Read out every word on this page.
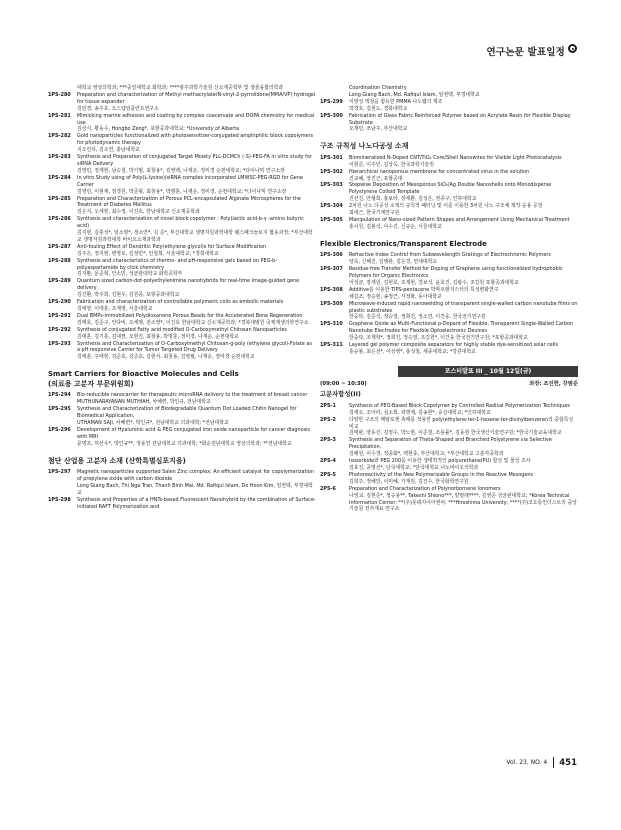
연구논문 발표일정
대학교 영상의학과; ***중앙대학교 화학과; ****광주과학기술원 신소재공학부 및 생물융합의학과
1PS-280	Preparation and characterization of Methyl methacrylate/N-vinyl-2-pyrrolidone(MMA/VP) hydrogel for tissue expander
김민경, 송주호, 오스템임플란트연구소
1PS-281	Mimicking marine adhesion and coating by complex coacervate and DOPA chemistry for medical use
김상식, 황동수, Hongbo Zeng*, 포항공과대학교; *University of Alberta
1PS-282	Gold nanoparticles functionalized with photosensitizer-conjugated amphiphilic block copolymers for photodynamic therapy
지오린리, 김소연, 충남대학교
1PS-283	Synthesis and Preparation of conjugated Target Moiety PLL-DCMCh (-S)-PEG-FA in vitro study for siRNA Delivery
김영민, 정재현, 남승철, 박기범, 최창용*, 김영백, 나재운, 정미경 순천대학교; *다이나믹 연구소장
1PS-284	In vitro Study using of Poly(L-lysine)/siRNA complex incorporated LMWSC-PEG-RGD for Gene Carrier
김영민, 이현재, 정경원, 박준형, 최창용*, 박명훈, 나재운, 정미경, 순천대학교; *다이나믹 연구소장
1PS-285	Preparation and Characterization of Porous PCL-encapsulated Alginate Microspheres for the Treatment of Diabetes Mellitus
김은지, 오세현, 최수정, 이진호, 한남대학교 신소재공학과
1PS-286	Synthesis and characterization of novel block copolymer ; Poly(lactic acid-b-γ -amino butyric acid)
김지현, 김충성*, 임소령*, 정소연*, 김 준*, 부산대학교 생명자원과학대학 웰스페크놀로지 협동과정; *부산대학교 생명자원과학대학 바이오소재과학과
1PS-287	Anti-fouling Effect of Dendritic Poly(ethylene glycol)s for Surface Modification
김주은, 정지현, 변영로, 김정민*, 안철희, 서울대학교; *경희대학교
1PS-288	Synthesis and characteristics of thermo- and pH-responsive gels based on PEG-b-polyaspartamide by click chemistry
김지환, 문준혁, 안소민, 성균관대학교 화학공학부
1PS-289	Quantum sized carbon-dot-polyethylenimine nanohybrids for real-time image-guided gene delivery
김진환, 박주희, 김현우, 김원종, 포항공과대학교
1PS-290	Fabrication and characterization of controllable polymeric coils as embolic materials
김태양, 이태훈, 조재영, 서울대학교
1PS-291	Dual BMPs-immobilized Polydioxanone Porous Beads for the Accelerated Bone Regeneration
김태호, 김준구, 안다비, 오세행, 전소영*, 이진호 한남대학교 신소재공학과; *경북대병원 국제재생의학연구소
1PS-292	Synthesis of conjugated Fatty acid modified O-Carboxymethyl Chitosan Nanoparticles
김태훈, 김기훈, 김대헌, 오현진, 최창용, 박명훈, 정미경, 나재운, 순천대학교
1PS-293	Synthesis and Characterization of O-Carboxylmethyl Chitosan-g-poly (ethylene glycol)-Folate as a pH responsive Carrier for Tumor Targeted Drug Delivery
김태훈, 구태현, 김준호, 김준호, 김현식, 최창용, 김영월, 나재운, 정미경 순천대학교
Smart Carriers for Bioactive Molecules and Cells
(의료용 고분자 부문위원회)
1PS-294	Bio-reducible nanocarrier for therapeutic microRNA delivery to the treatment of breast cancer
MUTHUNARAYANAN MUTHIAH, 차혜련, 박인규, 전남대학교
1PS-295	Synthesis and Characterization of Biodegradable Quantum Dot Loaded Chitin Nanogel for Biomedical Application,
UTHAMAN SAJI, 차혜련*, 박인규*, 전남대학교 의과대학; *전남대학교
1PS-296	Development of Hyaluronic acid & PEG conjugated iron oxide nanoparticle for cancer diagnosis with MRI
문명조, 허선우*, 박인규**, 정용연 전남대학교 의과대학; *화순전남대학교 영상의학과; **전남대학교
첨단 산업용 고분자 소재 (산학특별심포지움)
1PS-297	Magnetic nanoparticles supported Salen Zinc complex: An efficient catalyst for copolymerization of propylene oxide with carbon dioxide
Long Giang Bach, Thi Nga Tran, Thanh Binh Mai, Md. Rafiqul Islam, Do Hoon Kim, 임권택, 부경대학교
1PS-298	Synthesis and Properties of a HNTs-based Fluorescent Nanohybrid by the combination of Surface-initiated RAFT Polymerization and
Coordination Chemistry
Long Giang Bach, Md. Rafiqul Islam, 임권택, 부경대학교
1PS-299	이방성 액정을 함유한 PMMA 나노웹의 제조
박경호, 김현도, 경북대학교
1PS-300	Fabrication of Glass Fabric Reinforced Polymer based on Acrylate Resin for Flexible Display Substrate
오재민, 조남주, 부산대학교
구조 규칙성 나노다공성 소재
1PS-301	Biomineralized N-Doped CNT/TiO₂ Core/Shell Nanowires for Visible Light Photocatalysis
이현준, 이주민, 김상욱, 한국과학기술원
1PS-302	Hierarchical nanoporous membrane for concentrated virus in the solution
진교혜, 장진근, 포항공대
1PS-303	Stepwise Deposition of Mesoporous SiO₂/Ag Double Nanoshells onto Monodisperse Polystyrene Colloid Template
진선진, 안형희, 홍보라, 장세환, 김성은, 권종구, 인하대학교
1PS-304	2차원 나노 다공성 소재의 규칙적 패터닝 및 이를 이용한 3차원 나노 구조체 제작 응용 공정
최대근, 한국기계연구원
1PS-305	Manipulation of Nano-sized Pattern Shapes and Arrangement Using Mechanical Treatment
홍사원, 김봉석, 이수진, 신규순, 서울대학교
Flexible Electronics/Transparent Electrode
1PS-306	Refractive Index Control from Subwavelength Gratings of Electrochromic Polymers
양욱, 신혜진, 김병관, 김은경, 연세대학교
1PS-307	Residue-free Transfer Method for Doping of Graphene using functionalized hydrophobic Polymers for Organic Electronics
이성균, 장재원, 김현호, 조재현, 강보석, 윤효진, 김광수, 조길원 포항공과대학교
1PS-308	Additive를 이용한 TIPS-pentacene 박막트랜지스터의 특성변화연구
채길조, 정승현, 송정근, 서정화, 동아대학교
1PS-309	Microwave-induced rapid nanowelding of transparent single-walled carbon nanotube films on plastic substrates
한중탁, 김준석, 정승열, 정희진, 정소연, 이건웅, 한국전기연구원
1PS-310	Graphene Oxide as Multi-Functional p-Dopant of Flexible, Transparent Single-Walled Carbon Nanotube Electrodes for Flexible Optoelectronic Devices
한중탁, 조재학*, 정희진, 정승열, 조길원*, 이건웅 한국전기연구원; *포항공과대학교
1PS-311	Layered gel polymer composite separators for highly stable dye-sensitized solar cells
홍순봉, 최은선*, 이상영*, 홍성철, 세종대학교; *강원대학교
포스터발표 III _ 10월 12일(금)
(09:00 ~ 10:30)	좌장: 조진한, 강범준
고분자합성(II)
2PS-1	Synthesis of PEO-Based Block Copolymer by Controlled Radical Polymerization Techniques
김재오, 조아라, 심소희, 곽명제, 김송현*, 숭실대학교; *인하대학교
2PS-2	다양한 구조의 메탈로센 촉매를 적용한 poly(ethylene-ter-1-hexene-ter-divinylbenzene)의 중합특성 비교
김태완, 양동진, 김정수, 박노현, 이준철, 조용률*, 김동현 한국생산기술연구원; *한국기술교육대학교
2PS-3	Synthesis and Separation of Theta-Shaped and Branched Polystyrene via Selective Precipitation,
김해원, 이수경, 정종화*, 백현종, 부산대학교; *부산대학교 고분자공학과
2PS-4	Isosorbide와 PEG 200을 이용한 생태학적인 polyurethane(PU) 합성 및 물성 조사
김효진, 공명선*, 단국대학교; *단국대학교 나노바이오의학과
2PS-5	Photoreactivity of the New Polymerizable Groups in the Reactive Mesogens
김희주, 정혜민, 이미혜, 가재원, 김진수, 한국화학연구원
2PS-6	Preparation and Characterization of Polynorbornene Ionomers
나영교, 김현준*, 정승용**, Takeshi Shiono***, 양필래****, 김영준 성균관대학교; *Korea Technical Information Center; **(주)롯데지어이앤씨; ***Hiroshima University; ****(주)코오롱인더스트리 중앙기술원 전자재료 연구소
Vol. 23, NO. 4 451
